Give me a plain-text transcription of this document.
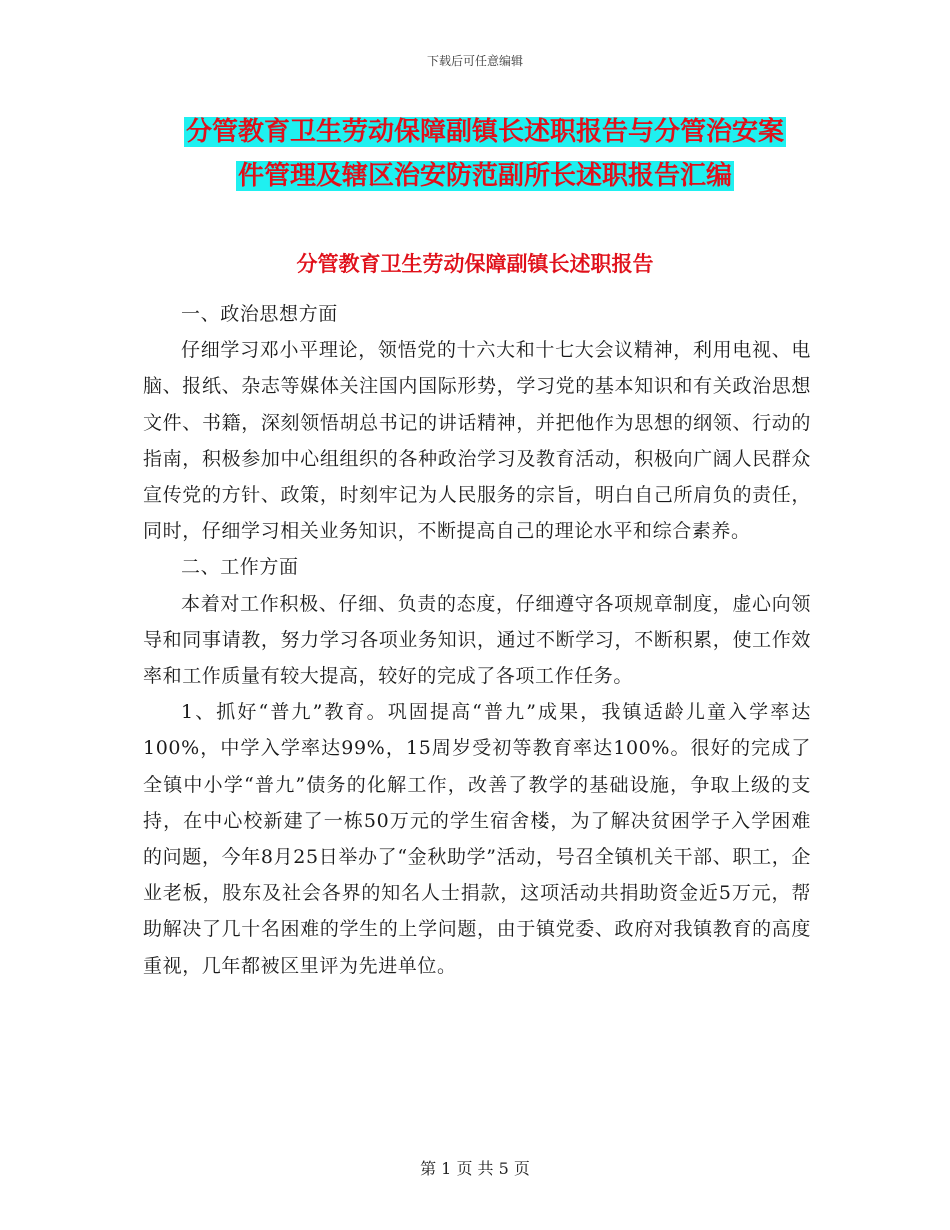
下载后可任意编辑
分管教育卫生劳动保障副镇长述职报告与分管治安案
件管理及辖区治安防范副所长述职报告汇编
分管教育卫生劳动保障副镇长述职报告

一、政治思想方面

仔细学习邓小平理论，领悟党的十六大和十七大会议精神，利用电视、电脑、报纸、杂志等媒体关注国内国际形势，学习党的基本知识和有关政治思想文件、书籍，深刻领悟胡总书记的讲话精神，并把他作为思想的纲领、行动的指南，积极参加中心组组织的各种政治学习及教育活动，积极向广阔人民群众宣传党的方针、政策，时刻牢记为人民服务的宗旨，明白自己所肩负的责任，同时，仔细学习相关业务知识，不断提高自己的理论水平和综合素养。

二、工作方面

本着对工作积极、仔细、负责的态度，仔细遵守各项规章制度，虚心向领导和同事请教，努力学习各项业务知识，通过不断学习，不断积累，使工作效率和工作质量有较大提高，较好的完成了各项工作任务。

1、抓好“普九”教育。巩固提高“普九”成果，我镇适龄儿童入学率达100%，中学入学率达99%，15周岁受初等教育率达100%。很好的完成了全镇中小学“普九”债务的化解工作，改善了教学的基础设施，争取上级的支持，在中心校新建了一栋50万元的学生宿舍楼，为了解决贫困学子入学困难的问题，今年8月25日举办了“金秋助学”活动，号召全镇机关干部、职工，企业老板，股东及社会各界的知名人士捐款，这项活动共捐助资金近5万元，帮助解决了几十名困难的学生的上学问题，由于镇党委、政府对我镇教育的高度重视，几年都被区里评为先进单位。

第 1 页 共 5 页
